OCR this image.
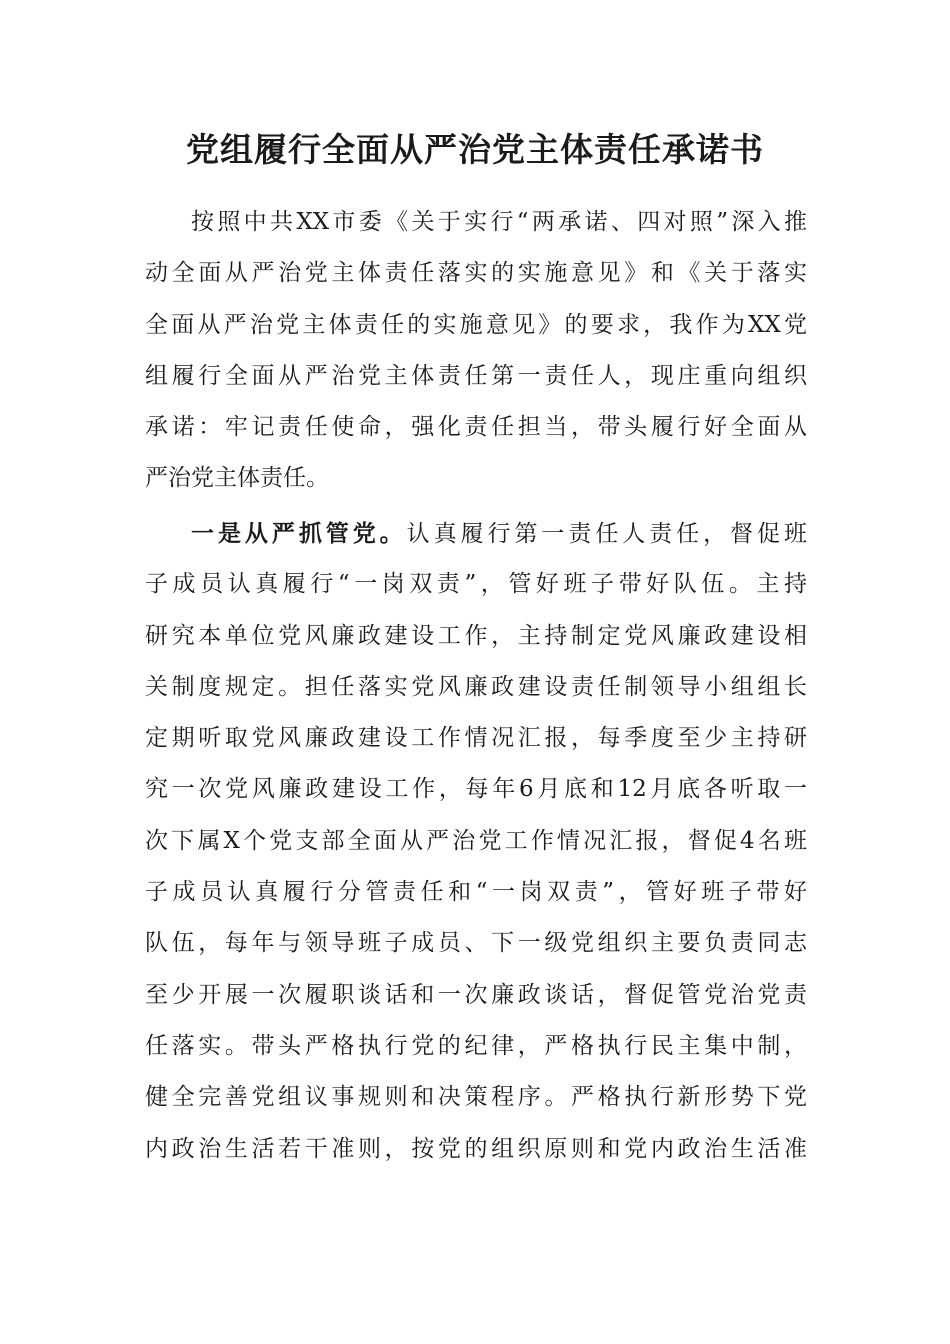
党组履行全面从严治党主体责任承诺书
按照中共XX市委《关于实行“两承诺、四对照”深入推
动全面从严治党主体责任落实的实施意见》和《关于落实
全面从严治党主体责任的实施意见》的要求，我作为XX党
组履行全面从严治党主体责任第一责任人，现庄重向组织
承诺：牢记责任使命，强化责任担当，带头履行好全面从
严治党主体责任。
一是从严抓管党。认真履行第一责任人责任，督促班
子成员认真履行“一岗双责”，管好班子带好队伍。主持
研究本单位党风廉政建设工作，主持制定党风廉政建设相
关制度规定。担任落实党风廉政建设责任制领导小组组长
定期听取党风廉政建设工作情况汇报，每季度至少主持研
究一次党风廉政建设工作，每年6月底和12月底各听取一
次下属X个党支部全面从严治党工作情况汇报，督促4名班
子成员认真履行分管责任和“一岗双责”，管好班子带好
队伍，每年与领导班子成员、下一级党组织主要负责同志
至少开展一次履职谈话和一次廉政谈话，督促管党治党责
任落实。带头严格执行党的纪律，严格执行民主集中制，
健全完善党组议事规则和决策程序。严格执行新形势下党
内政治生活若干准则，按党的组织原则和党内政治生活准
